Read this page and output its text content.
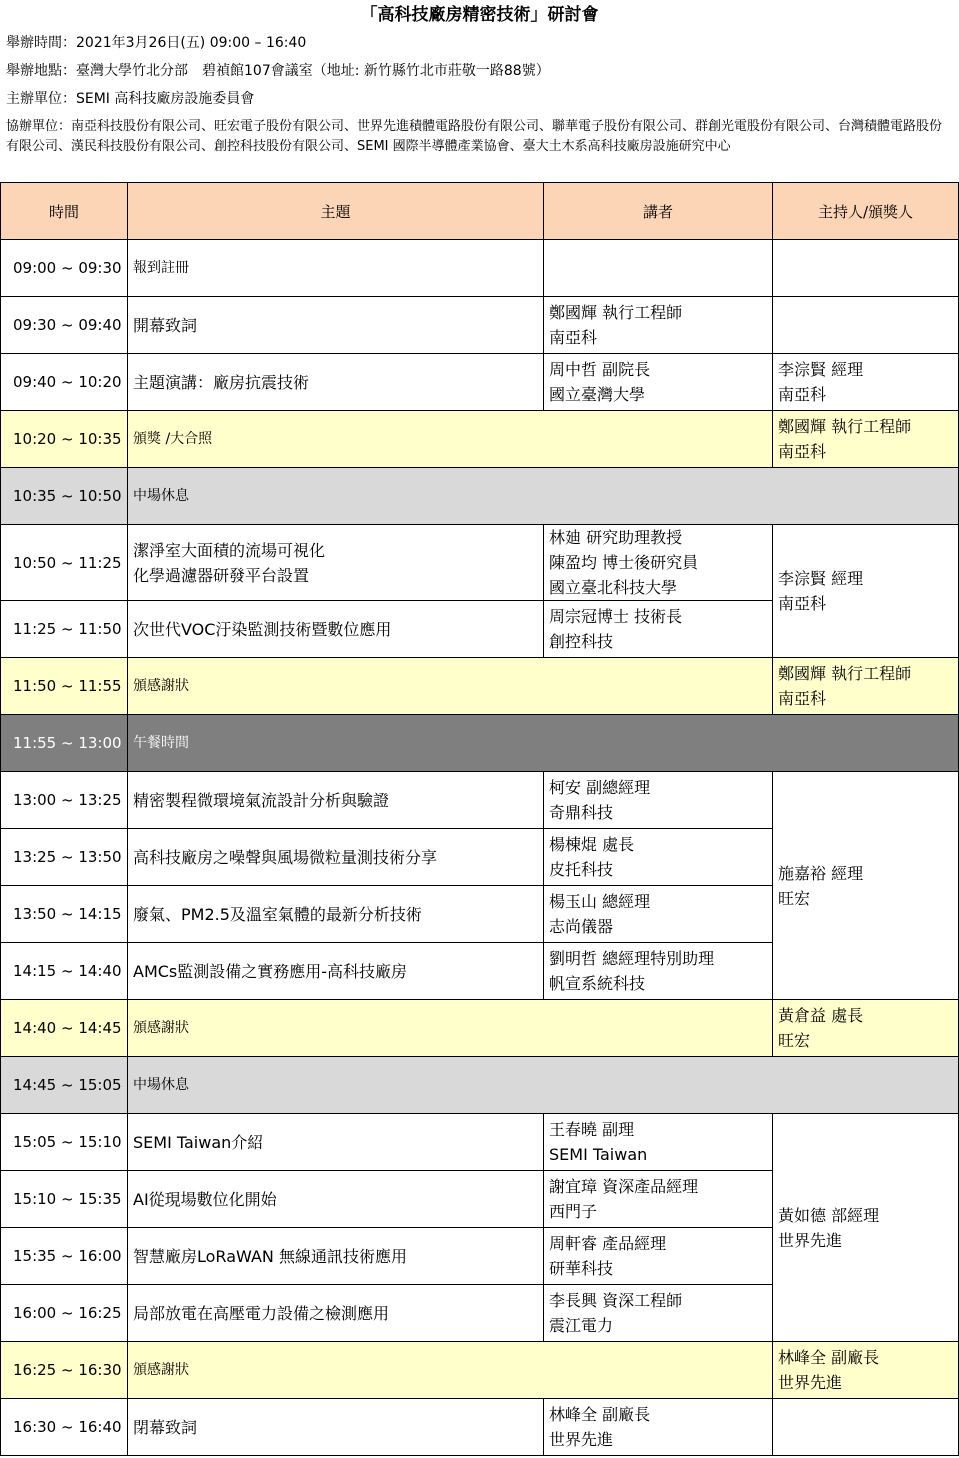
「高科技廠房精密技術」研討會
舉辦時間：2021年3月26日(五) 09:00 – 16:40
舉辦地點：臺灣大學竹北分部　碧禎館107會議室（地址: 新竹縣竹北市莊敬一路88號）
主辦單位：SEMI 高科技廠房設施委員會
協辦單位：南亞科技股份有限公司、旺宏電子股份有限公司、世界先進積體電路股份有限公司、聯華電子股份有限公司、群創光電股份有限公司、台灣積體電路股份有限公司、漢民科技股份有限公司、創控科技股份有限公司、SEMI 國際半導體產業協會、臺大土木系高科技廠房設施研究中心
時間	主題	講者	主持人/頒獎人
09:00 ~ 09:30	報到註冊		
09:30 ~ 09:40	開幕致詞	鄭國輝 執行工程師
南亞科	

09:40 ~ 10:20	主題演講：廠房抗震技術	周中哲 副院長
國立臺灣大學	李淙賢 經理
南亞科

10:20 ~ 10:35	頒獎 /大合照		鄭國輝 執行工程師
南亞科

10:35 ~ 10:50	中場休息		
10:50 ~ 11:25	潔淨室大面積的流場可視化
化學過濾器研發平台設置	林廸 研究助理教授
陳盈均 博士後研究員
國立臺北科技大學	李淙賢 經理
南亞科

11:25 ~ 11:50	次世代VOC汙染監測技術暨數位應用	周宗冠博士 技術長
創控科技	

11:50 ~ 11:55	頒感謝狀		鄭國輝 執行工程師
南亞科

11:55 ~ 13:00	午餐時間		
13:00 ~ 13:25	精密製程微環境氣流設計分析與驗證	柯安 副總經理
奇鼎科技	施嘉裕 經理
旺宏

13:25 ~ 13:50	高科技廠房之噪聲與風場微粒量測技術分享	楊棟焜 處長
皮托科技	

13:50 ~ 14:15	廢氣、PM2.5及溫室氣體的最新分析技術	楊玉山 總經理
志尚儀器	

14:15 ~ 14:40	AMCs監測設備之實務應用-高科技廠房	劉明哲 總經理特別助理
帆宣系統科技	

14:40 ~ 14:45	頒感謝狀		黃倉益 處長
旺宏

14:45 ~ 15:05	中場休息		
15:05 ~ 15:10	SEMI Taiwan介紹	王春曉 副理
SEMI Taiwan	黃如德 部經理
世界先進

15:10 ~ 15:35	AI從現場數位化開始	謝宜璋 資深產品經理
西門子	

15:35 ~ 16:00	智慧廠房LoRaWAN 無線通訊技術應用	周軒睿 產品經理
研華科技	

16:00 ~ 16:25	局部放電在高壓電力設備之檢測應用	李長興 資深工程師
震江電力	

16:25 ~ 16:30	頒感謝狀		林峰全 副廠長
世界先進

16:30 ~ 16:40	閉幕致詞	林峰全 副廠長
世界先進	
